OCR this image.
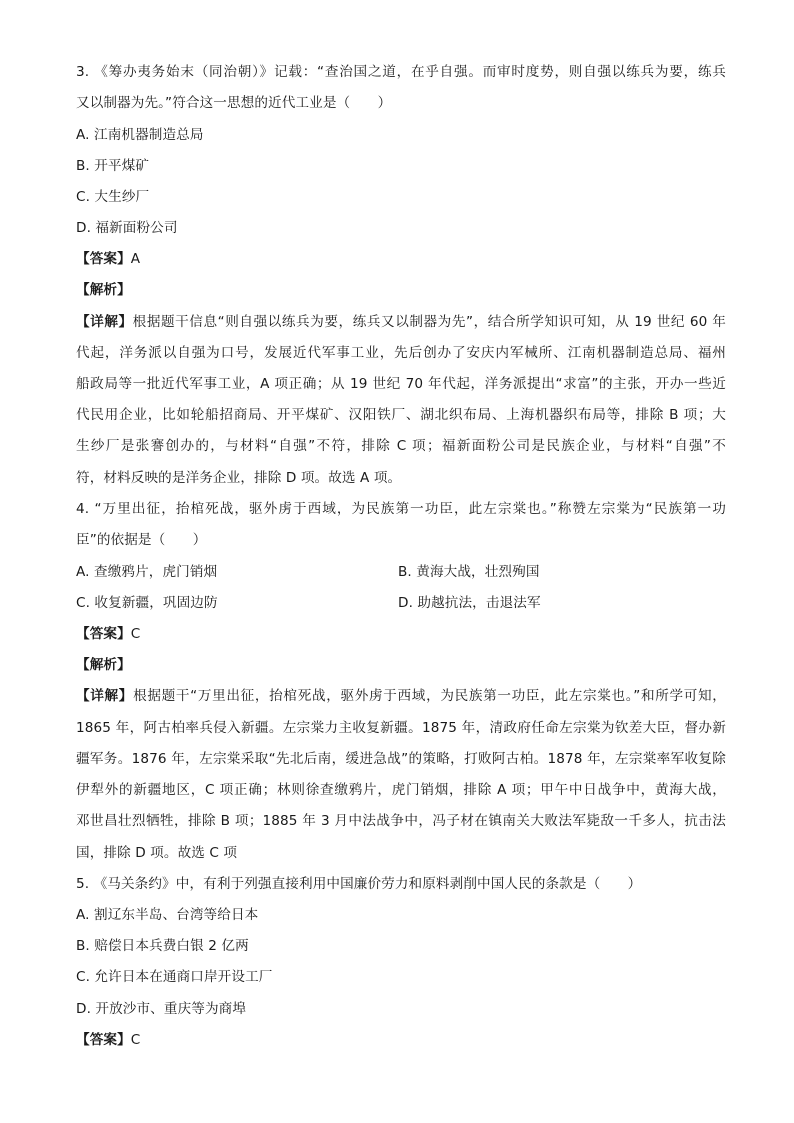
3. 《筹办夷务始末（同治朝）》记载：“查治国之道，在乎自强。而审时度势，则自强以练兵为要，练兵
又以制器为先。”符合这一思想的近代工业是（　　）
A. 江南机器制造总局
B. 开平煤矿
C. 大生纱厂
D. 福新面粉公司
【答案】A
【解析】
【详解】根据题干信息“则自强以练兵为要，练兵又以制器为先”，结合所学知识可知，从 19 世纪 60 年
代起，洋务派以自强为口号，发展近代军事工业，先后创办了安庆内军械所、江南机器制造总局、福州
船政局等一批近代军事工业，A 项正确；从 19 世纪 70 年代起，洋务派提出“求富”的主张，开办一些近
代民用企业，比如轮船招商局、开平煤矿、汉阳铁厂、湖北织布局、上海机器织布局等，排除 B 项；大
生纱厂是张謇创办的，与材料“自强”不符，排除 C 项；福新面粉公司是民族企业，与材料“自强”不
符，材料反映的是洋务企业，排除 D 项。故选 A 项。
4. “万里出征，抬棺死战，驱外虏于西域，为民族第一功臣，此左宗棠也。”称赞左宗棠为“民族第一功
臣”的依据是（　　）
A. 查缴鸦片，虎门销烟	B. 黄海大战，壮烈殉国
C. 收复新疆，巩固边防	D. 助越抗法，击退法军
【答案】C
【解析】
【详解】根据题干“万里出征，抬棺死战，驱外虏于西域，为民族第一功臣，此左宗棠也。”和所学可知，
1865 年，阿古柏率兵侵入新疆。左宗棠力主收复新疆。1875 年，清政府任命左宗棠为钦差大臣，督办新
疆军务。1876 年，左宗棠采取“先北后南，缓进急战”的策略，打败阿古柏。1878 年，左宗棠率军收复除
伊犁外的新疆地区，C 项正确；林则徐查缴鸦片，虎门销烟，排除 A 项；甲午中日战争中，黄海大战，
邓世昌壮烈牺牲，排除 B 项；1885 年 3 月中法战争中，冯子材在镇南关大败法军毙敌一千多人，抗击法
国，排除 D 项。故选 C 项
5. 《马关条约》中，有利于列强直接利用中国廉价劳力和原料剥削中国人民的条款是（　　）
A. 割辽东半岛、台湾等给日本
B. 赔偿日本兵费白银 2 亿两
C. 允许日本在通商口岸开设工厂
D. 开放沙市、重庆等为商埠
【答案】C
